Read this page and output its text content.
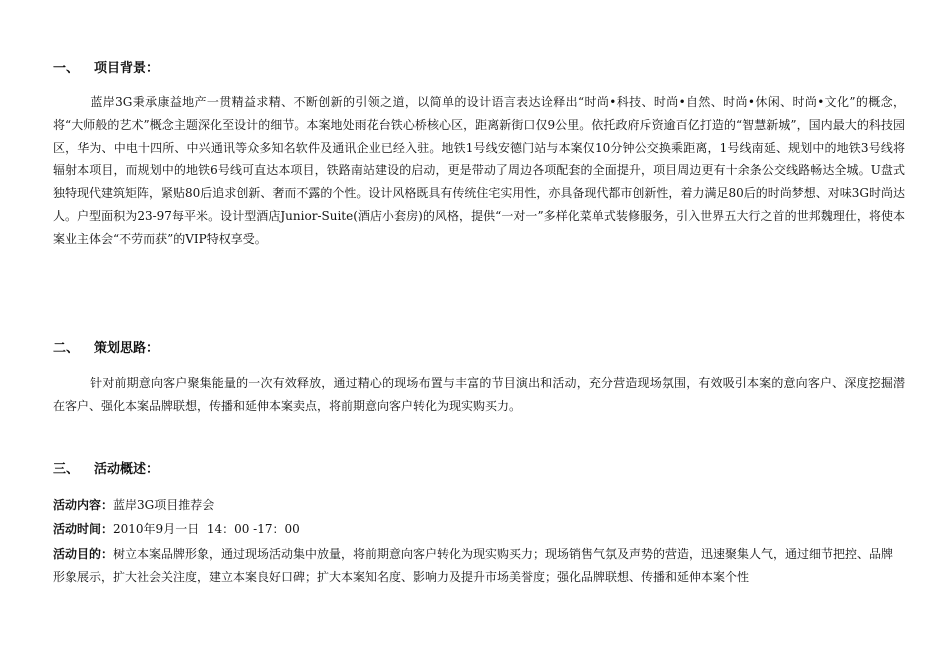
一、 项目背景：

蓝岸3G秉承康益地产一贯精益求精、不断创新的引领之道，以简单的设计语言表达诠释出“时尚•科技、时尚•自然、时尚•休闲、时尚•文化”的概念，将“大师般的艺术”概念主题深化至设计的细节。本案地处雨花台铁心桥核心区，距离新街口仅9公里。依托政府斥资逾百亿打造的“智慧新城”，国内最大的科技园区，华为、中电十四所、中兴通讯等众多知名软件及通讯企业已经入驻。地铁1号线安德门站与本案仅10分钟公交换乘距离，1号线南延、规划中的地铁3号线将辐射本项目，而规划中的地铁6号线可直达本项目，铁路南站建设的启动，更是带动了周边各项配套的全面提升，项目周边更有十余条公交线路畅达全城。U盘式独特现代建筑矩阵，紧贴80后追求创新、奢而不露的个性。设计风格既具有传统住宅实用性，亦具备现代都市创新性，着力满足80后的时尚梦想、对味3G时尚达人。户型面积为23-97每平米。设计型酒店Junior-Suite(酒店小套房)的风格，提供“一对一”多样化菜单式装修服务，引入世界五大行之首的世邦魏理仕，将使本案业主体会“不劳而获”的VIP特权享受。

二、 策划思路：

针对前期意向客户聚集能量的一次有效释放，通过精心的现场布置与丰富的节目演出和活动，充分营造现场氛围，有效吸引本案的意向客户、深度挖掘潜在客户、强化本案品牌联想，传播和延伸本案卖点，将前期意向客户转化为现实购买力。

三、 活动概述：

活动内容：蓝岸3G项目推荐会

活动时间：2010年9月一日  14：00 -17：00

活动目的：树立本案品牌形象，通过现场活动集中放量，将前期意向客户转化为现实购买力；现场销售气氛及声势的营造，迅速聚集人气，通过细节把控、品牌形象展示，扩大社会关注度，建立本案良好口碑；扩大本案知名度、影响力及提升市场美誉度；强化品牌联想、传播和延伸本案个性
